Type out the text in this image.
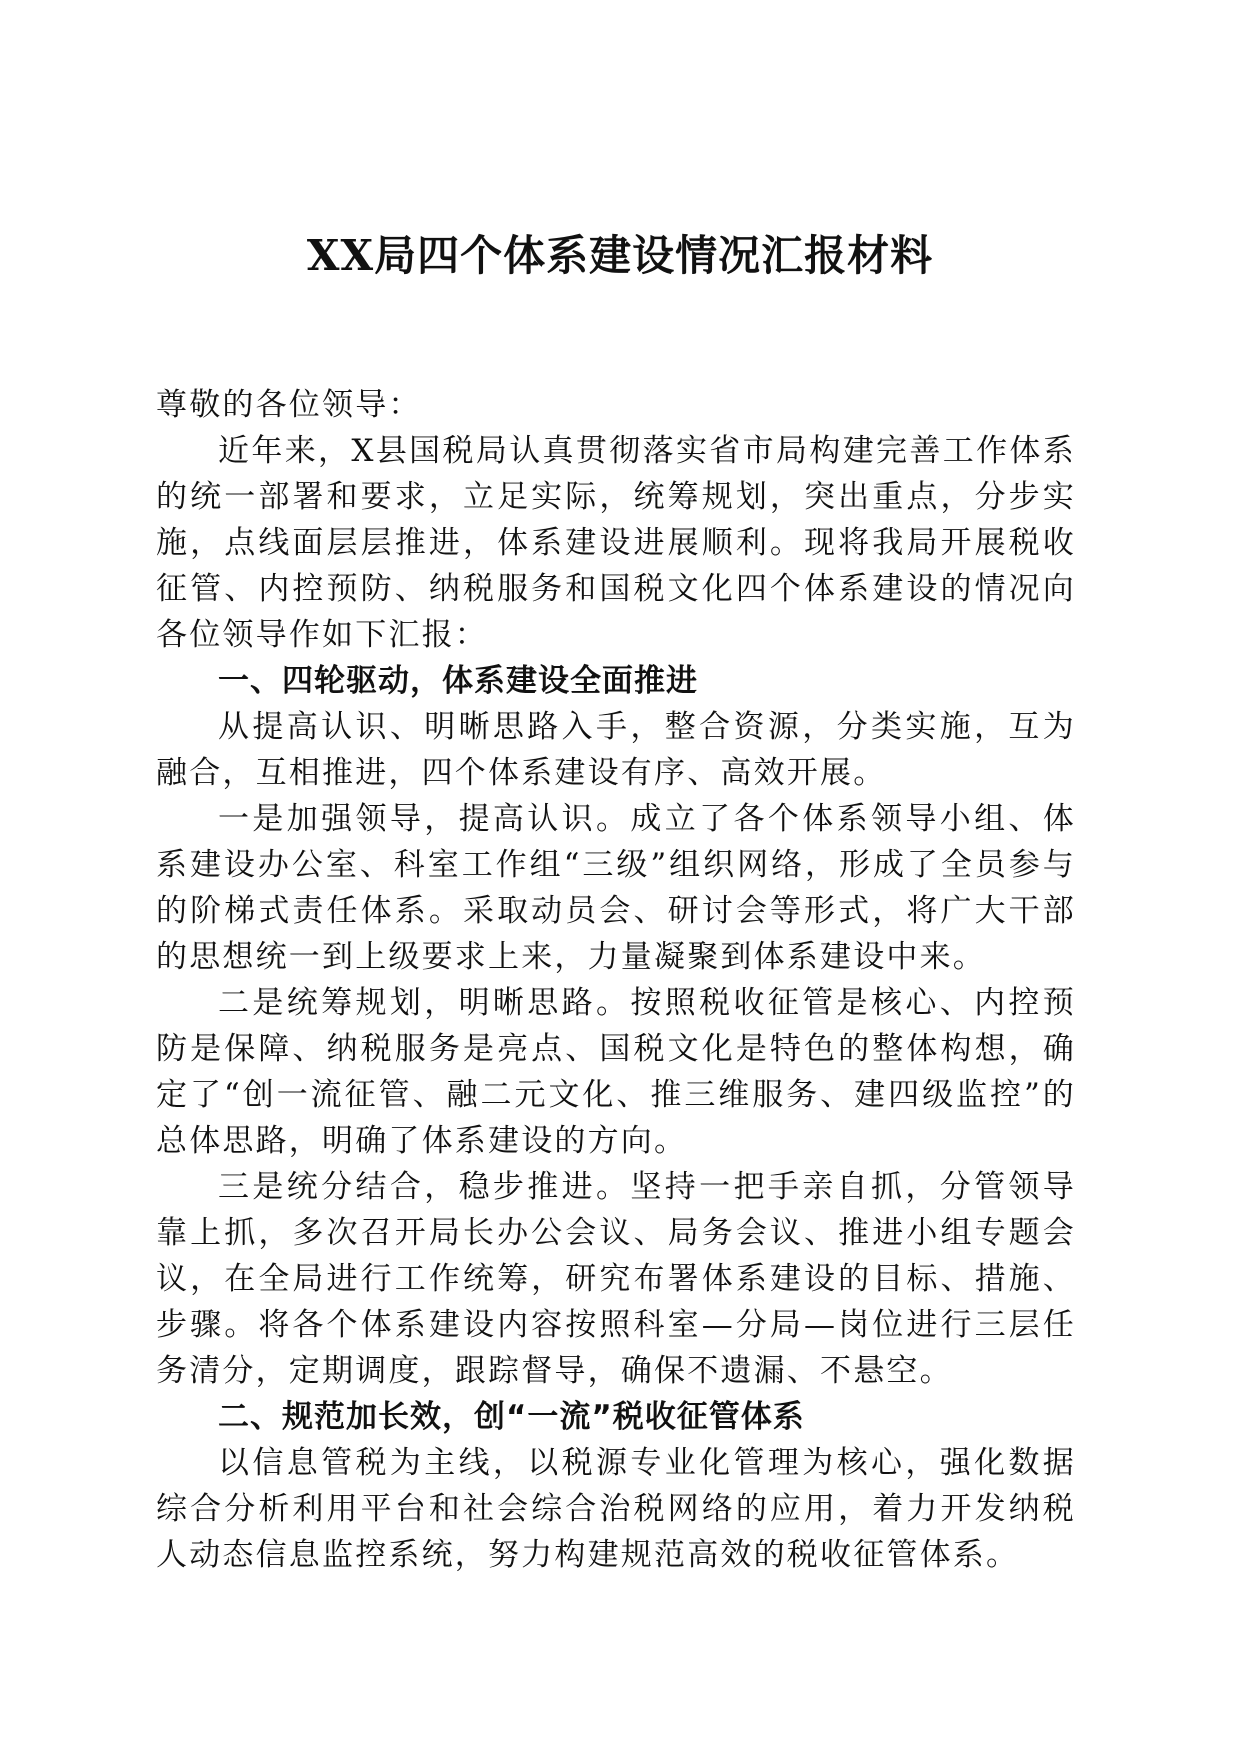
XX局四个体系建设情况汇报材料

尊敬的各位领导：

近年来，X县国税局认真贯彻落实省市局构建完善工作体系的统一部署和要求，立足实际，统筹规划，突出重点，分步实施，点线面层层推进，体系建设进展顺利。现将我局开展税收征管、内控预防、纳税服务和国税文化四个体系建设的情况向各位领导作如下汇报：

一、四轮驱动，体系建设全面推进

从提高认识、明晰思路入手，整合资源，分类实施，互为融合，互相推进，四个体系建设有序、高效开展。

一是加强领导，提高认识。成立了各个体系领导小组、体系建设办公室、科室工作组“三级”组织网络，形成了全员参与的阶梯式责任体系。采取动员会、研讨会等形式，将广大干部的思想统一到上级要求上来，力量凝聚到体系建设中来。

二是统筹规划，明晰思路。按照税收征管是核心、内控预防是保障、纳税服务是亮点、国税文化是特色的整体构想，确定了“创一流征管、融二元文化、推三维服务、建四级监控”的总体思路，明确了体系建设的方向。

三是统分结合，稳步推进。坚持一把手亲自抓，分管领导靠上抓，多次召开局长办公会议、局务会议、推进小组专题会议，在全局进行工作统筹，研究布署体系建设的目标、措施、步骤。将各个体系建设内容按照科室—分局—岗位进行三层任务清分，定期调度，跟踪督导，确保不遗漏、不悬空。

二、规范加长效，创“一流”税收征管体系

以信息管税为主线，以税源专业化管理为核心，强化数据综合分析利用平台和社会综合治税网络的应用，着力开发纳税人动态信息监控系统，努力构建规范高效的税收征管体系。
